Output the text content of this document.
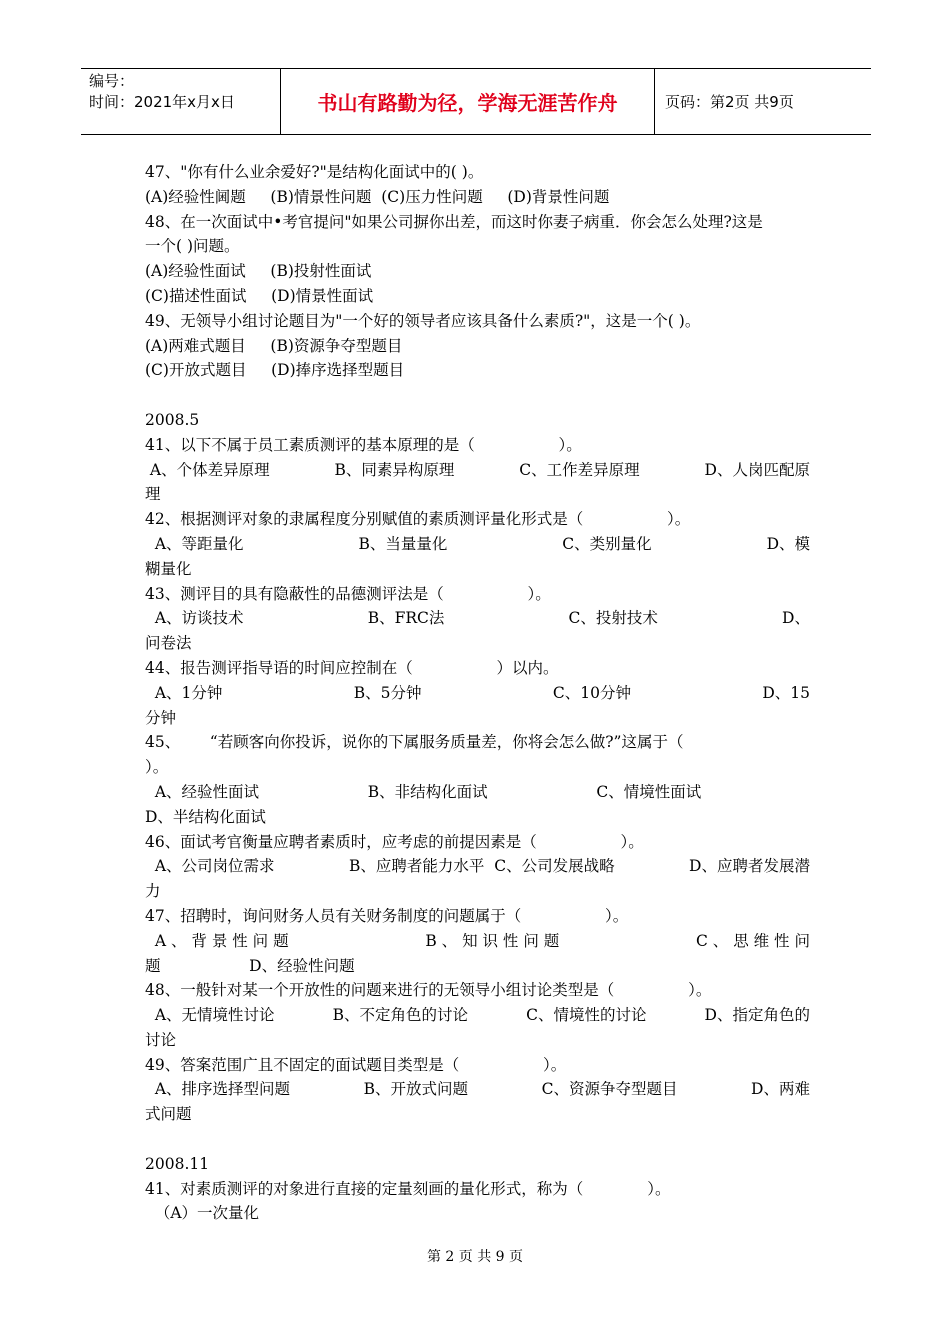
编号：
时间：2021年x月x日	书山有路勤为径，学海无涯苦作舟	页码：第2页 共9页
47、"你有什么业余爱好?"是结构化面试中的( )。
(A)经验性阃题     (B)情景性问题  (C)压力性问题     (D)背景性问题
48、在一次面试中•考官提问"如果公司摒你出差，而这时你妻子病重．你会怎么处理?这是
一个( )问题。
(A)经验性面试     (B)投射性面试
(C)描述性面试     (D)情景性面试
49、无领导小组讨论题目为"一个好的领导者应该具备什么素质?"，这是一个( )。
(A)两难式题目     (B)资源争夺型题目
(C)开放式题目     (D)捧序选择型题目
2008.5
41、以下不属于员工素质测评的基本原理的是（                 ）。
A、个体差异原理	B、同素异构原理	C、工作差异原理	D、人岗匹配原
理
42、根据测评对象的隶属程度分别赋值的素质测评量化形式是（                 ）。
A、等距量化	B、当量量化	C、类别量化	D、模
糊量化
43、测评目的具有隐蔽性的品德测评法是（                 ）。
A、访谈技术	B、FRC法	C、投射技术	D、
问卷法
44、报告测评指导语的时间应控制在（                 ）以内。
A、1分钟	B、5分钟	C、10分钟	D、15
分钟
45、      “若顾客向你投诉，说你的下属服务质量差，你将会怎么做?”这属于（
）。
A、经验性面试	B、非结构化面试	C、情境性面试
D、半结构化面试
46、面试考官衡量应聘者素质时，应考虑的前提因素是（                 ）。
A、公司岗位需求	B、应聘者能力水平  C、公司发展战略	D、应聘者发展潜
力
47、招聘时，询问财务人员有关财务制度的问题属于（                 ）。
A 、 背 景 性 问 题	B 、 知 识 性 问 题	C 、 思 维 性 问
题                  D、经验性问题
48、一般针对某一个开放性的问题来进行的无领导小组讨论类型是（               ）。
A、无情境性讨论	B、不定角色的讨论	C、情境性的讨论	D、指定角色的
讨论
49、答案范围广且不固定的面试题目类型是（                 ）。
A、排序选择型问题	B、开放式问题	C、资源争夺型题目	D、两难
式问题
2008.11
41、对素质测评的对象进行直接的定量刻画的量化形式，称为（             ）。
（A）一次量化
第 2 页 共 9 页
